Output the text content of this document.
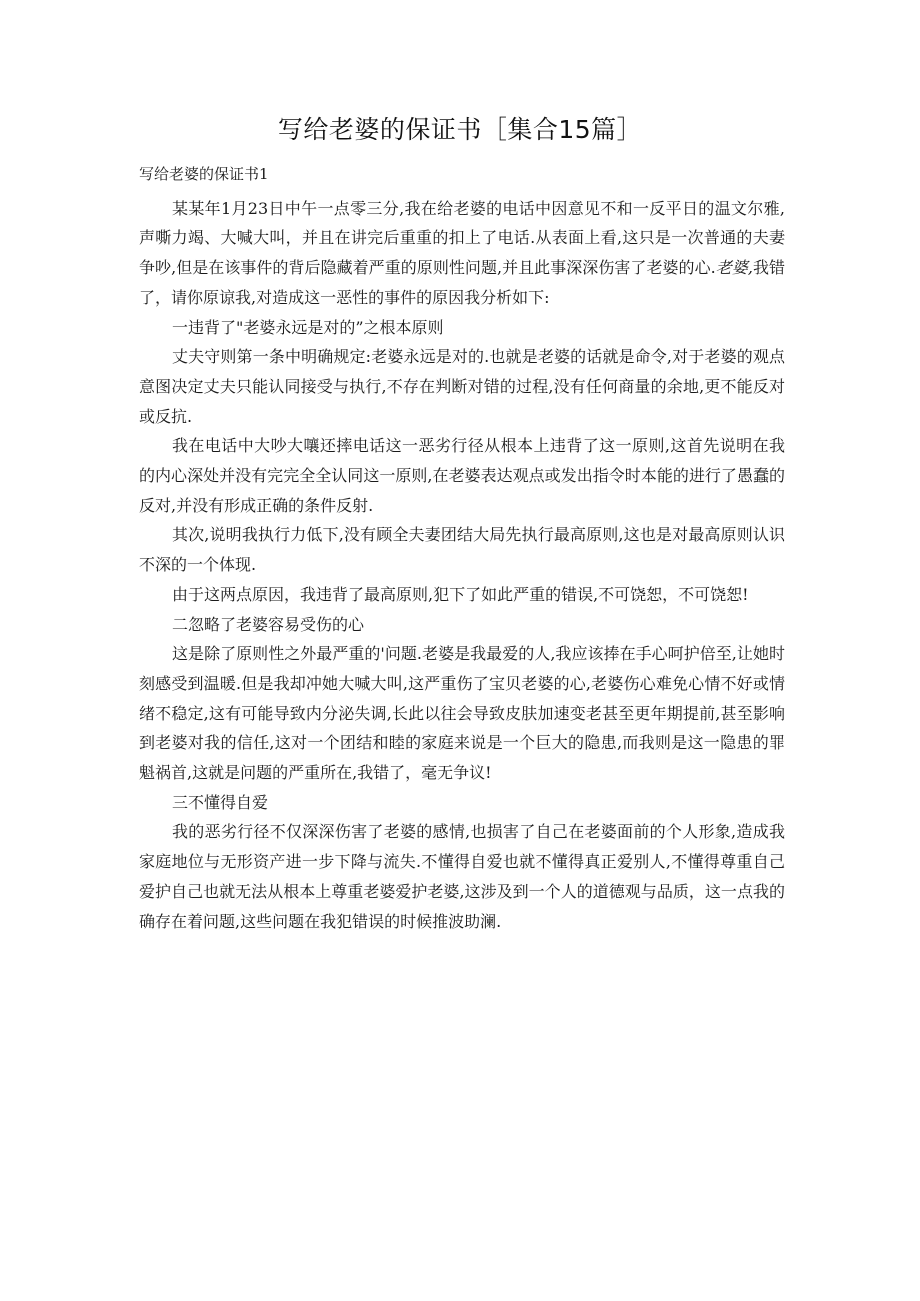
写给老婆的保证书［集合15篇］

写给老婆的保证书1

某某年1月23日中午一点零三分,我在给老婆的电话中因意见不和一反平日的温文尔雅,声嘶力竭、大喊大叫，并且在讲完后重重的扣上了电话.从表面上看,这只是一次普通的夫妻争吵,但是在该事件的背后隐藏着严重的原则性问题,并且此事深深伤害了老婆的心.老婆,我错了，请你原谅我,对造成这一恶性的事件的原因我分析如下:

一违背了"老婆永远是对的”之根本原则

丈夫守则第一条中明确规定:老婆永远是对的.也就是老婆的话就是命令,对于老婆的观点意图决定丈夫只能认同接受与执行,不存在判断对错的过程,没有任何商量的余地,更不能反对或反抗.

我在电话中大吵大嚷还摔电话这一恶劣行径从根本上违背了这一原则,这首先说明在我的内心深处并没有完完全全认同这一原则,在老婆表达观点或发出指令时本能的进行了愚蠢的反对,并没有形成正确的条件反射.

其次,说明我执行力低下,没有顾全夫妻团结大局先执行最高原则,这也是对最高原则认识不深的一个体现.

由于这两点原因，我违背了最高原则,犯下了如此严重的错误,不可饶恕，不可饶恕!

二忽略了老婆容易受伤的心

这是除了原则性之外最严重的'问题.老婆是我最爱的人,我应该捧在手心呵护倍至,让她时刻感受到温暖.但是我却冲她大喊大叫,这严重伤了宝贝老婆的心,老婆伤心难免心情不好或情绪不稳定,这有可能导致内分泌失调,长此以往会导致皮肤加速变老甚至更年期提前,甚至影响到老婆对我的信任,这对一个团结和睦的家庭来说是一个巨大的隐患,而我则是这一隐患的罪魁祸首,这就是问题的严重所在,我错了，毫无争议!

三不懂得自爱

我的恶劣行径不仅深深伤害了老婆的感情,也损害了自己在老婆面前的个人形象,造成我家庭地位与无形资产进一步下降与流失.不懂得自爱也就不懂得真正爱别人,不懂得尊重自己爱护自己也就无法从根本上尊重老婆爱护老婆,这涉及到一个人的道德观与品质，这一点我的确存在着问题,这些问题在我犯错误的时候推波助澜.
